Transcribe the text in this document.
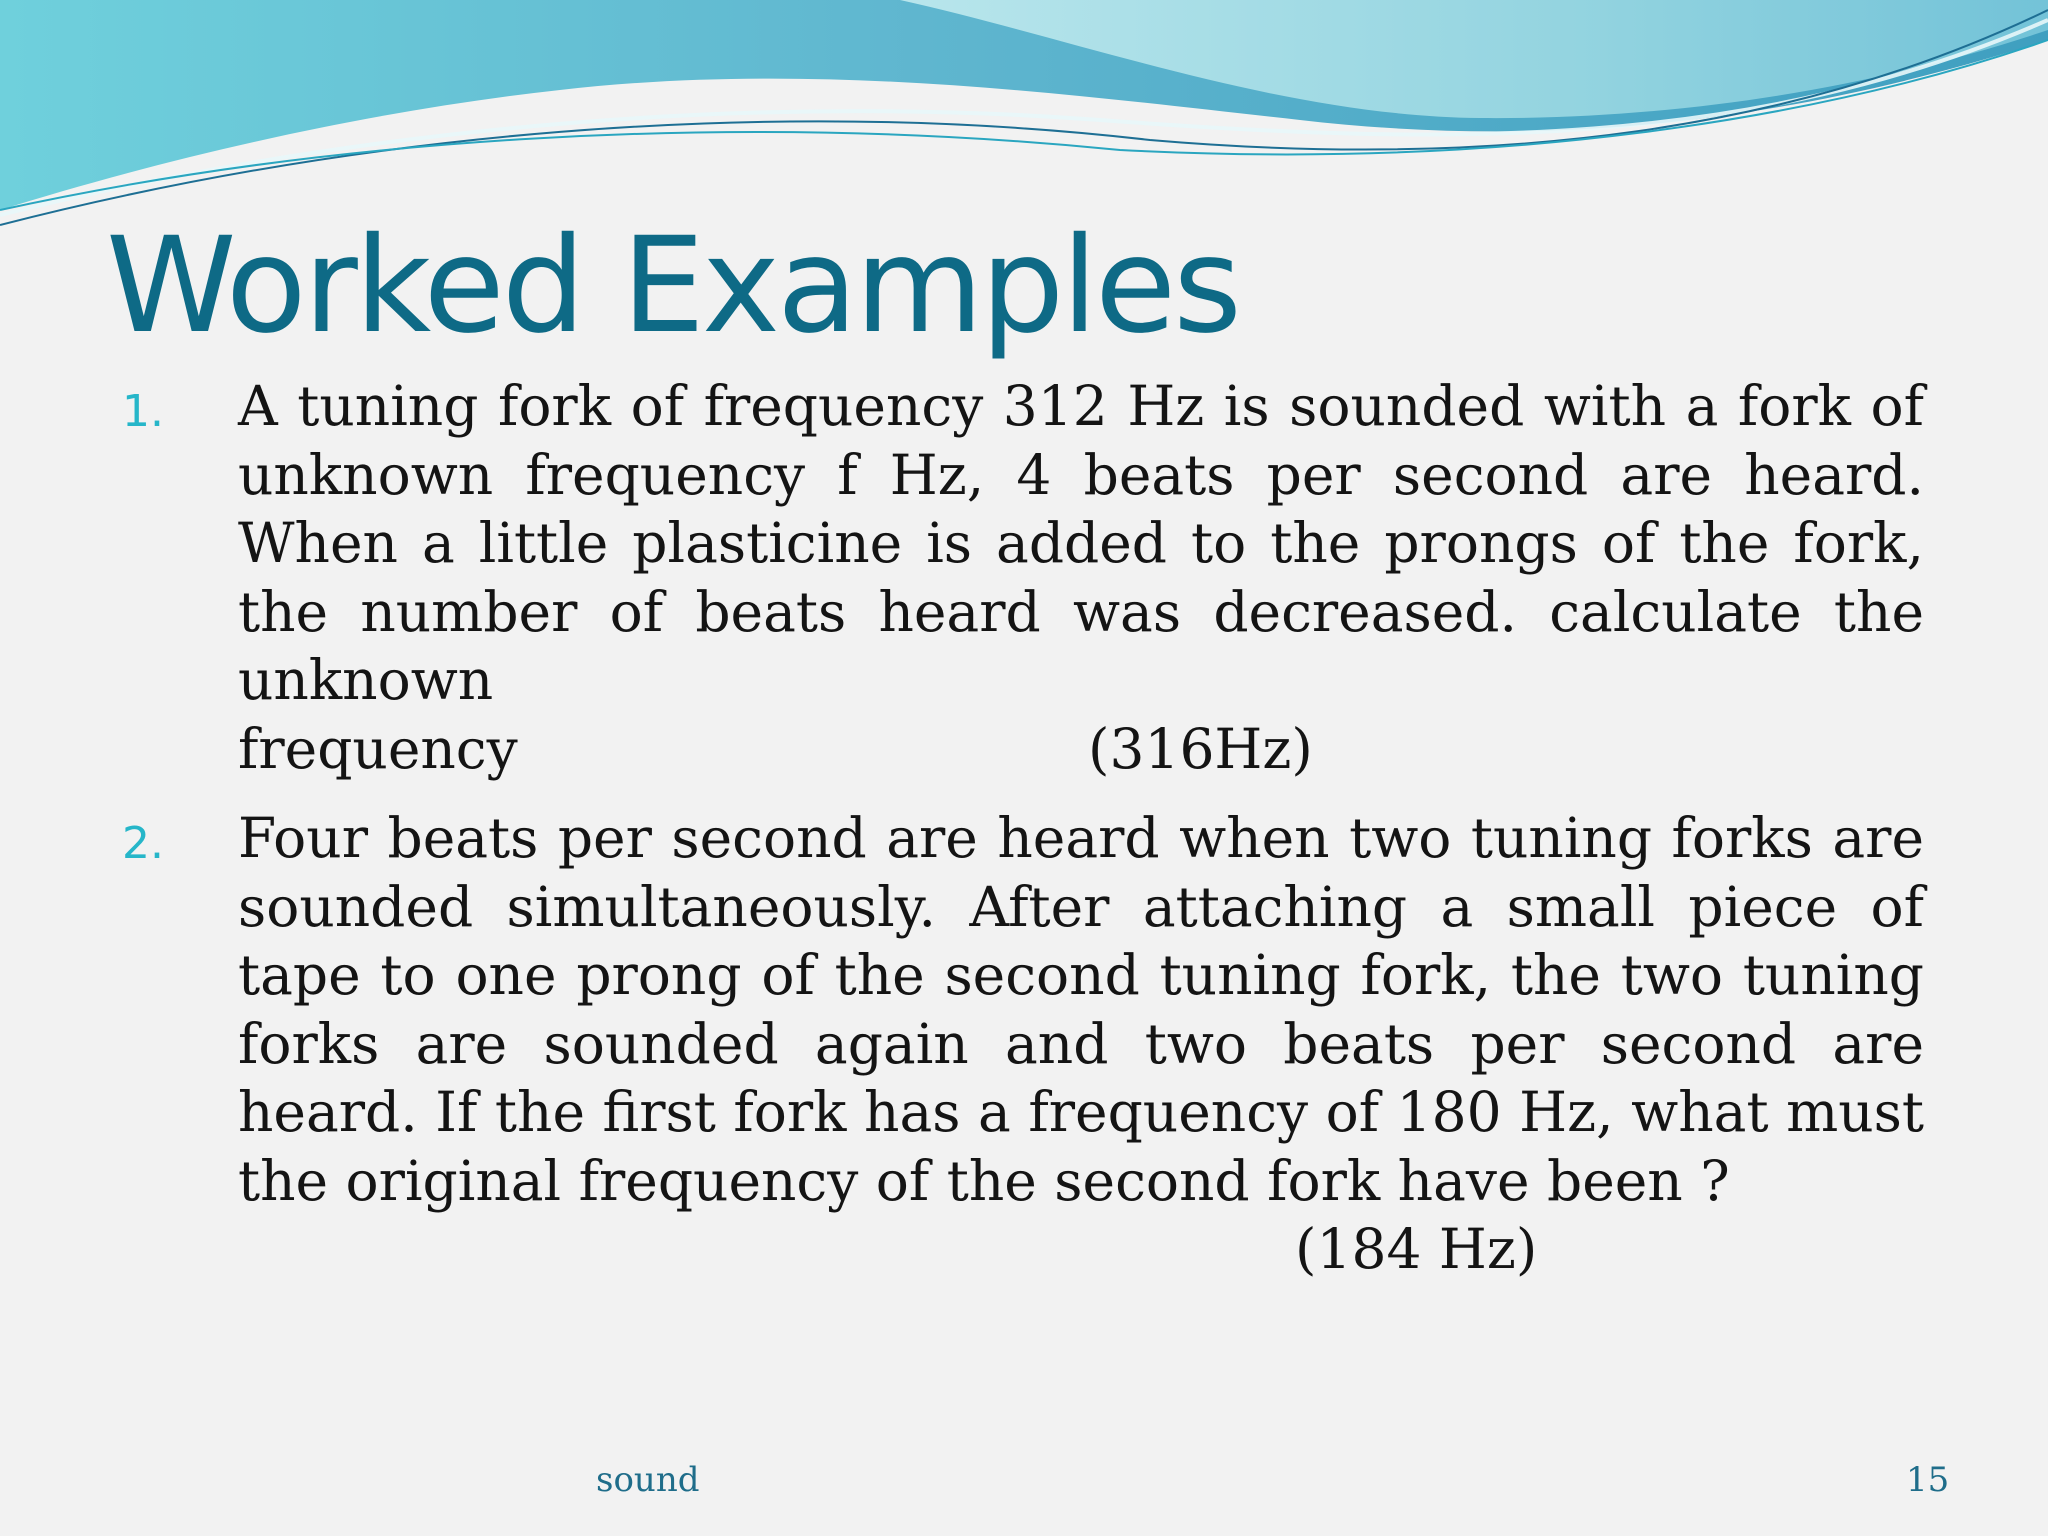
Worked Examples
1. A tuning fork of frequency 312 Hz is sounded with a fork of unknown frequency f Hz, 4 beats per second are heard. When a little plasticine is added to the prongs of the fork, the number of beats heard was decreased. calculate the unknown
frequency	(316Hz)
2. Four beats per second are heard when two tuning forks are sounded simultaneously. After attaching a small piece of tape to one prong of the second tuning fork, the two tuning forks are sounded again and two beats per second are heard. If the first fork has a frequency of 180 Hz, what must the original frequency of the second fork have been ?
(184 Hz)
sound	15
